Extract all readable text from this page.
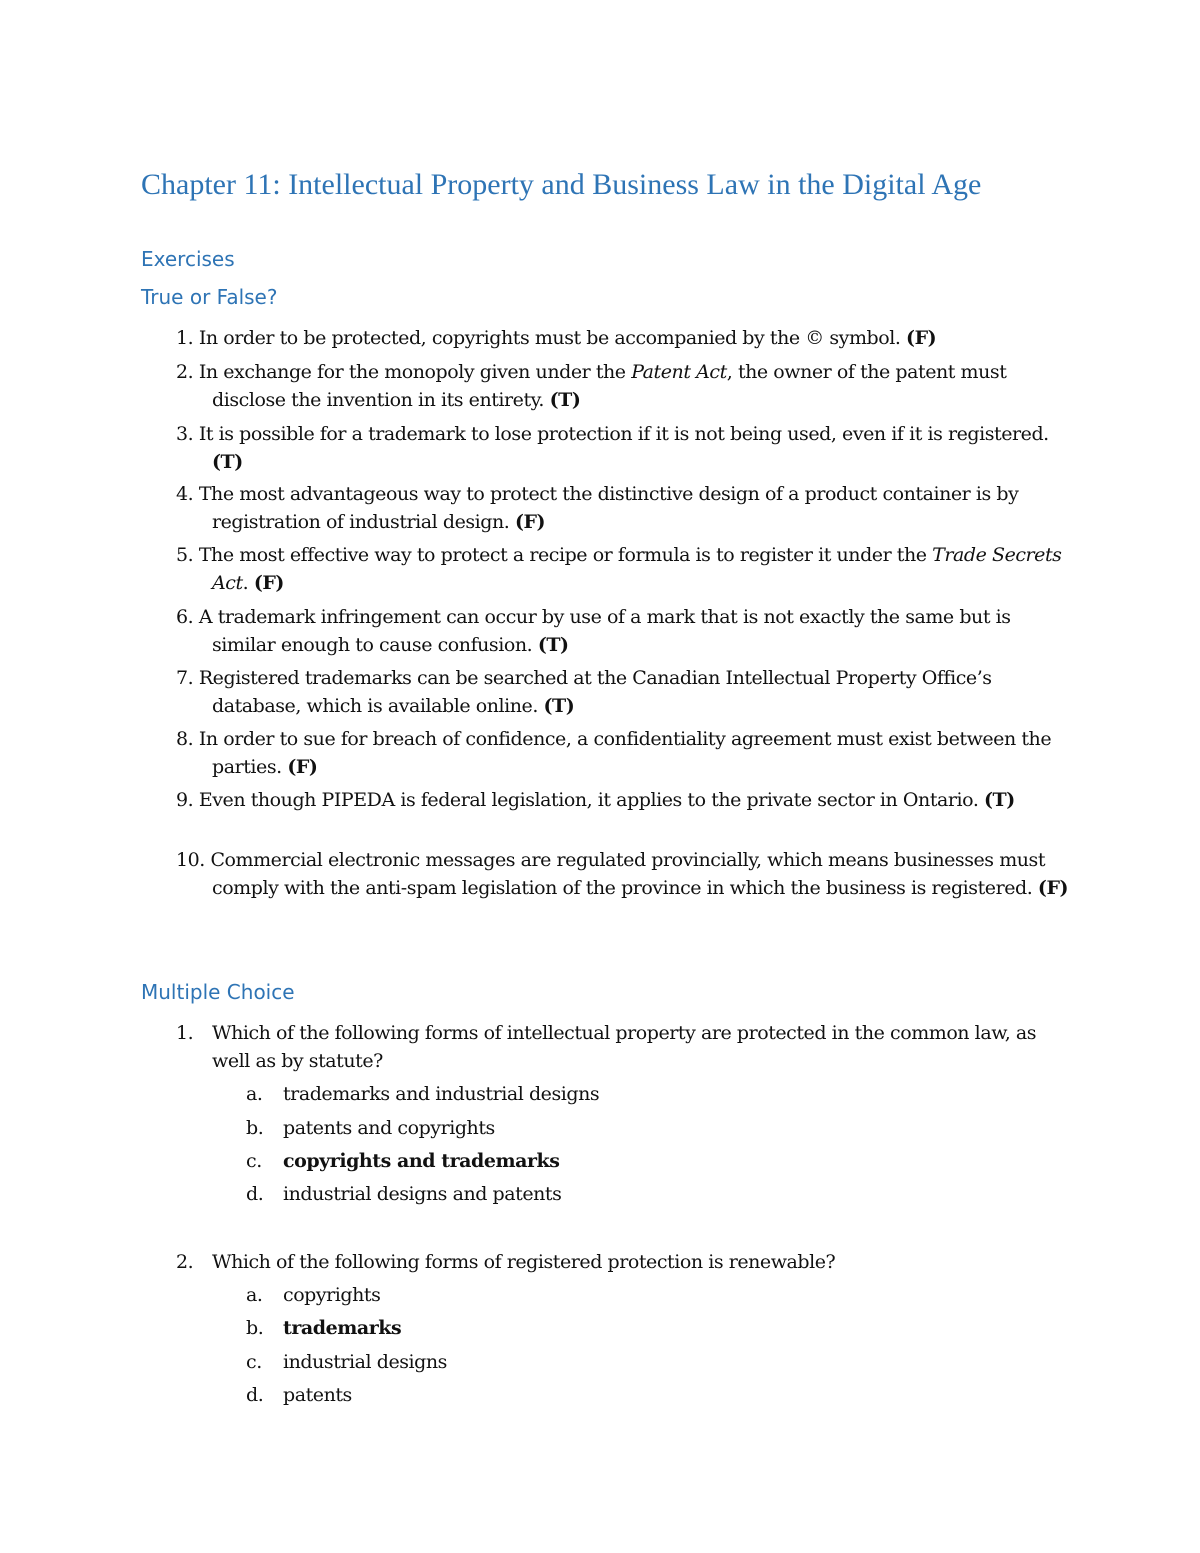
Chapter 11: Intellectual Property and Business Law in the Digital Age
Exercises
True or False?
1. In order to be protected, copyrights must be accompanied by the © symbol. (F)
2. In exchange for the monopoly given under the Patent Act, the owner of the patent must disclose the invention in its entirety. (T)
3. It is possible for a trademark to lose protection if it is not being used, even if it is registered. (T)
4. The most advantageous way to protect the distinctive design of a product container is by registration of industrial design. (F)
5. The most effective way to protect a recipe or formula is to register it under the Trade Secrets Act. (F)
6. A trademark infringement can occur by use of a mark that is not exactly the same but is similar enough to cause confusion. (T)
7. Registered trademarks can be searched at the Canadian Intellectual Property Office’s database, which is available online. (T)
8. In order to sue for breach of confidence, a confidentiality agreement must exist between the parties. (F)
9. Even though PIPEDA is federal legislation, it applies to the private sector in Ontario. (T)
10. Commercial electronic messages are regulated provincially, which means businesses must comply with the anti-spam legislation of the province in which the business is registered. (F)
Multiple Choice
1. Which of the following forms of intellectual property are protected in the common law, as well as by statute?
a. trademarks and industrial designs
b. patents and copyrights
c. copyrights and trademarks
d. industrial designs and patents
2. Which of the following forms of registered protection is renewable?
a. copyrights
b. trademarks
c. industrial designs
d. patents
